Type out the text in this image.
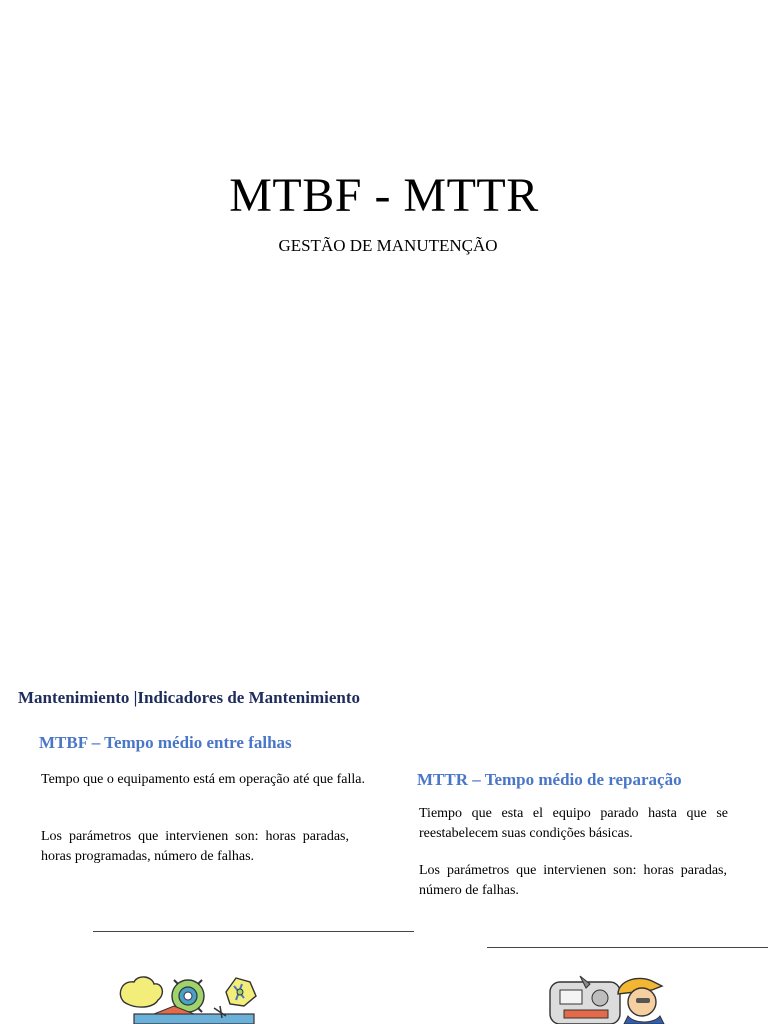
MTBF - MTTR
GESTÃO DE MANUTENÇÃO
Mantenimiento |Indicadores de Mantenimiento
MTBF – Tempo médio entre falhas

Tempo que o equipamento está em operação até que falla.

Los parámetros que intervienen son: horas paradas, horas programadas, número de falhas.

MTTR – Tempo médio de reparação

Tiempo que esta el equipo parado hasta que se reestabelecem suas condições básicas.

Los parámetros que intervienen son: horas paradas, número de falhas.
